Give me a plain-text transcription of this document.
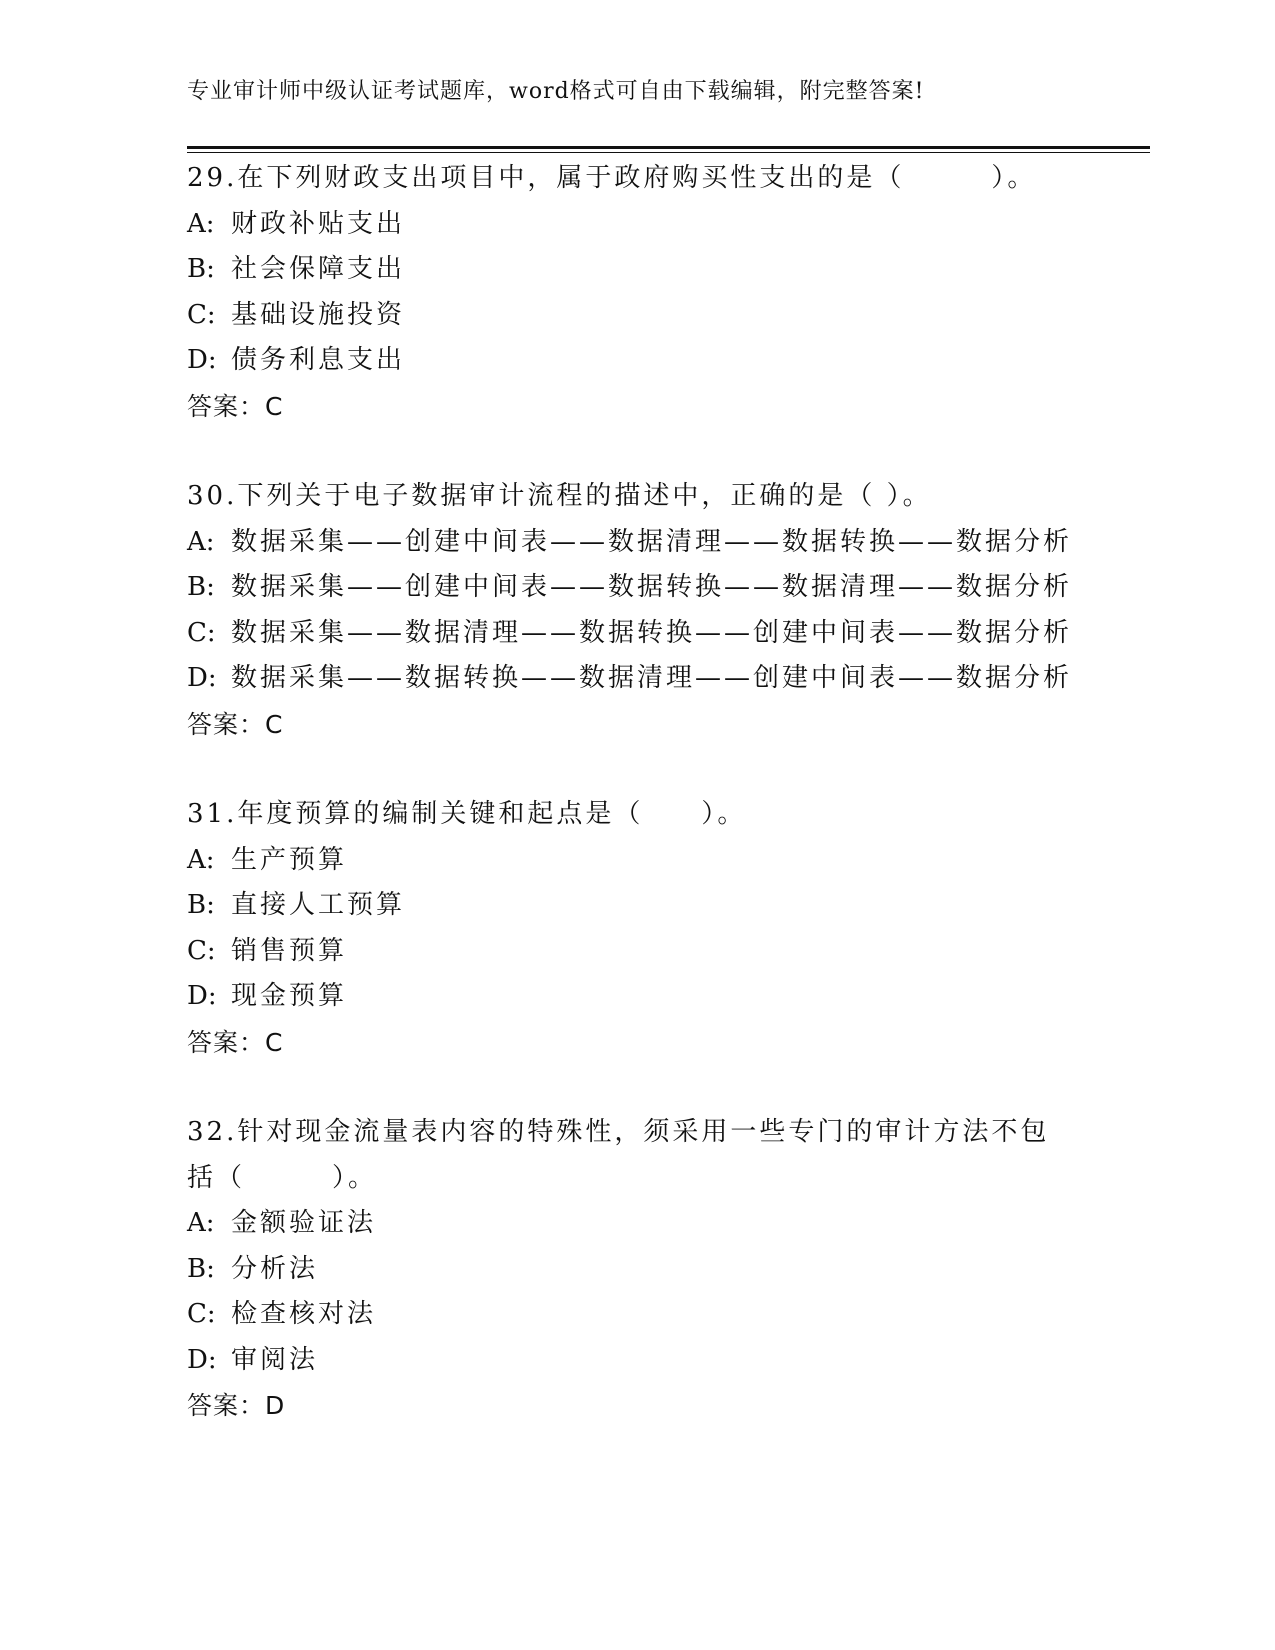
专业审计师中级认证考试题库，word格式可自由下载编辑，附完整答案!
29.在下列财政支出项目中，属于政府购买性支出的是（　　　）。
A: 财政补贴支出
B: 社会保障支出
C: 基础设施投资
D: 债务利息支出
答案：C
30.下列关于电子数据审计流程的描述中，正确的是（ ）。
A: 数据采集——创建中间表——数据清理——数据转换——数据分析
B: 数据采集——创建中间表——数据转换——数据清理——数据分析
C: 数据采集——数据清理——数据转换——创建中间表——数据分析
D: 数据采集——数据转换——数据清理——创建中间表——数据分析
答案：C
31.年度预算的编制关键和起点是（　　）。
A: 生产预算
B: 直接人工预算
C: 销售预算
D: 现金预算
答案：C
32.针对现金流量表内容的特殊性，须采用一些专门的审计方法不包括（　　　）。
A: 金额验证法
B: 分析法
C: 检查核对法
D: 审阅法
答案：D
